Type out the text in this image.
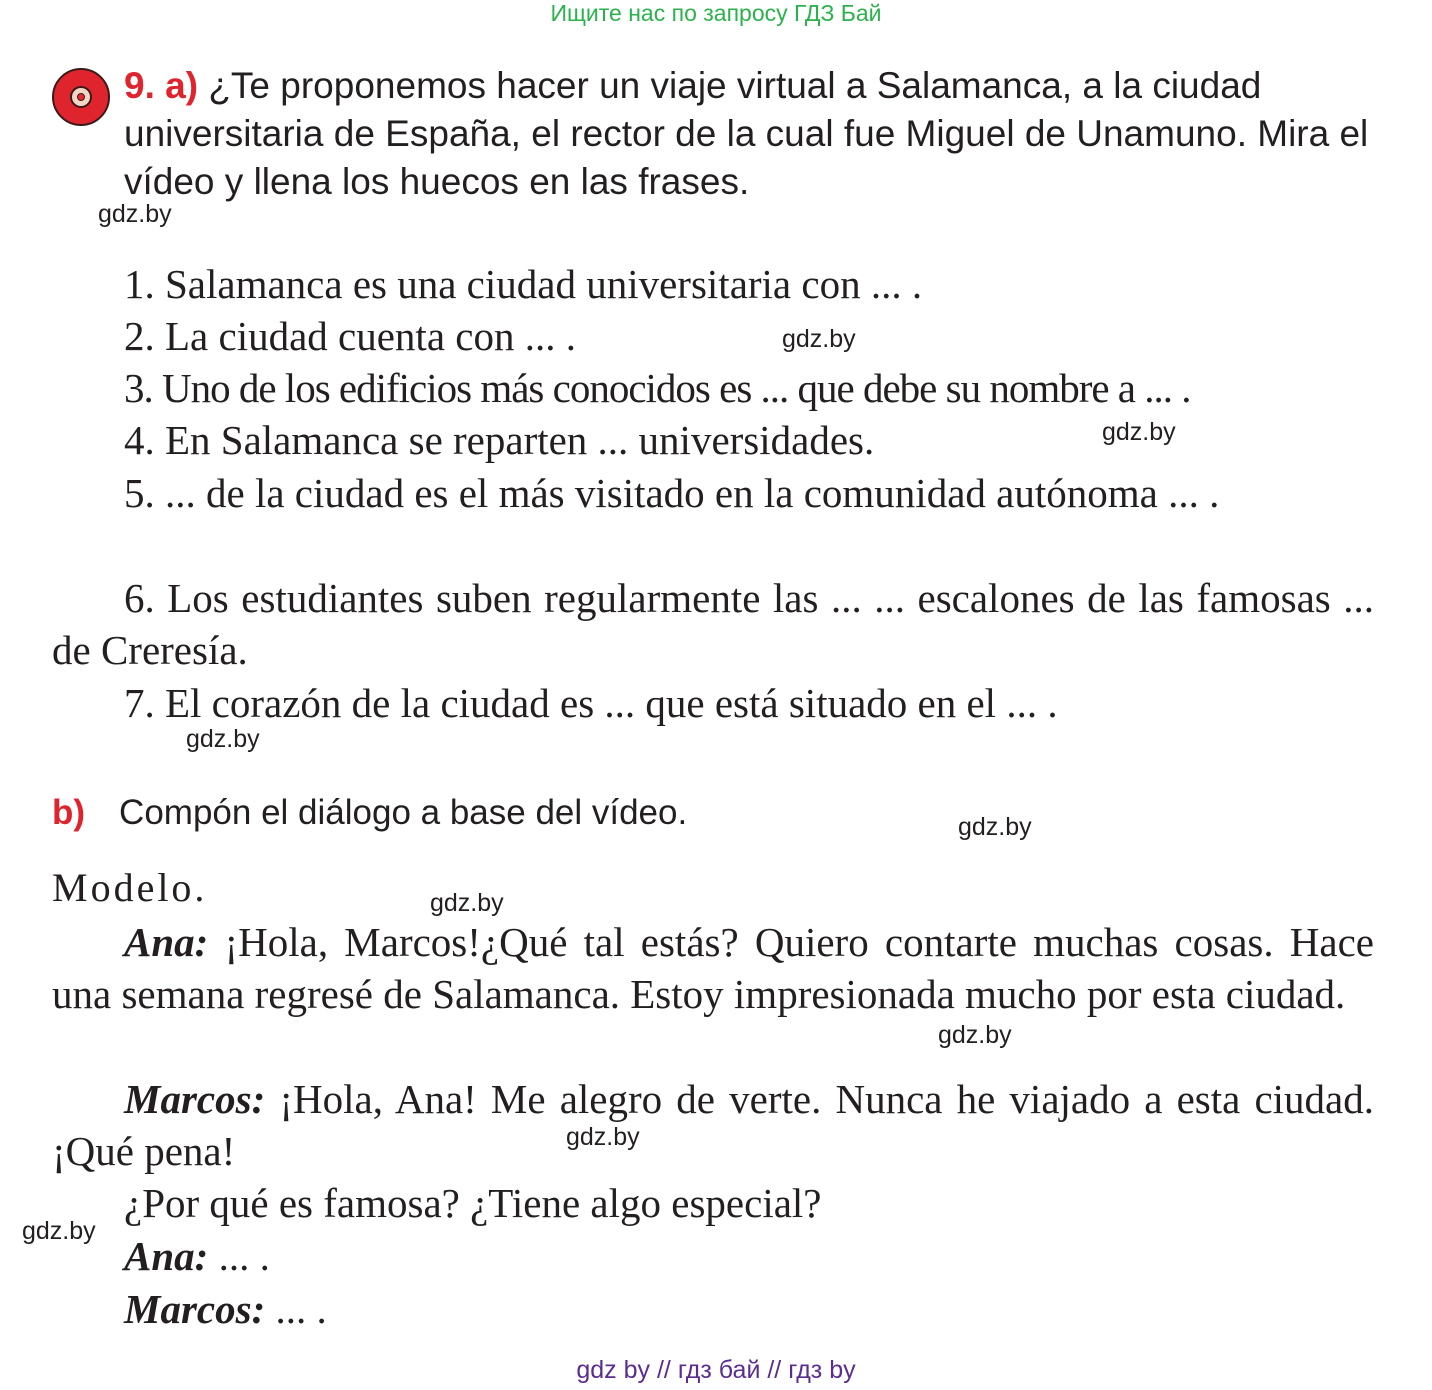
Ищите нас по запросу ГДЗ Бай
9. а) ¿Te proponemos hacer un viaje virtual a Salamanca, a la ciudad universitaria de España, el rector de la cual fue Miguel de Unamuno. Mira el vídeo y llena los huecos en las frases.
1. Salamanca es una ciudad universitaria con ... .
2. La ciudad cuenta con ... .
3. Uno de los edificios más conocidos es ... que debe su nombre a ... .
4. En Salamanca se reparten ... universidades.
5. ... de la ciudad es el más visitado en la comunidad autónoma ... .
6. Los estudiantes suben regularmente las ... ... escalones de las famosas ... de Creresía.
7. El corazón de la ciudad es ... que está situado en el ... .
b) Compón el diálogo a base del vídeo.
Modelo.
Ana: ¡Hola, Marcos!¿Qué tal estás? Quiero contarte muchas cosas. Hace una semana regresé de Salamanca. Estoy impresionada mucho por esta ciudad.
Marcos: ¡Hola, Ana! Me alegro de verte. Nunca he viajado a esta ciudad. ¡Qué pena!
¿Por qué es famosa? ¿Tiene algo especial?
Ana: ... .
Marcos: ... .
gdz.by
gdz.by
gdz.by
gdz.by
gdz.by
gdz.by
gdz.by
gdz.by
gdz.by
gdz by // гдз бай // гдз by
